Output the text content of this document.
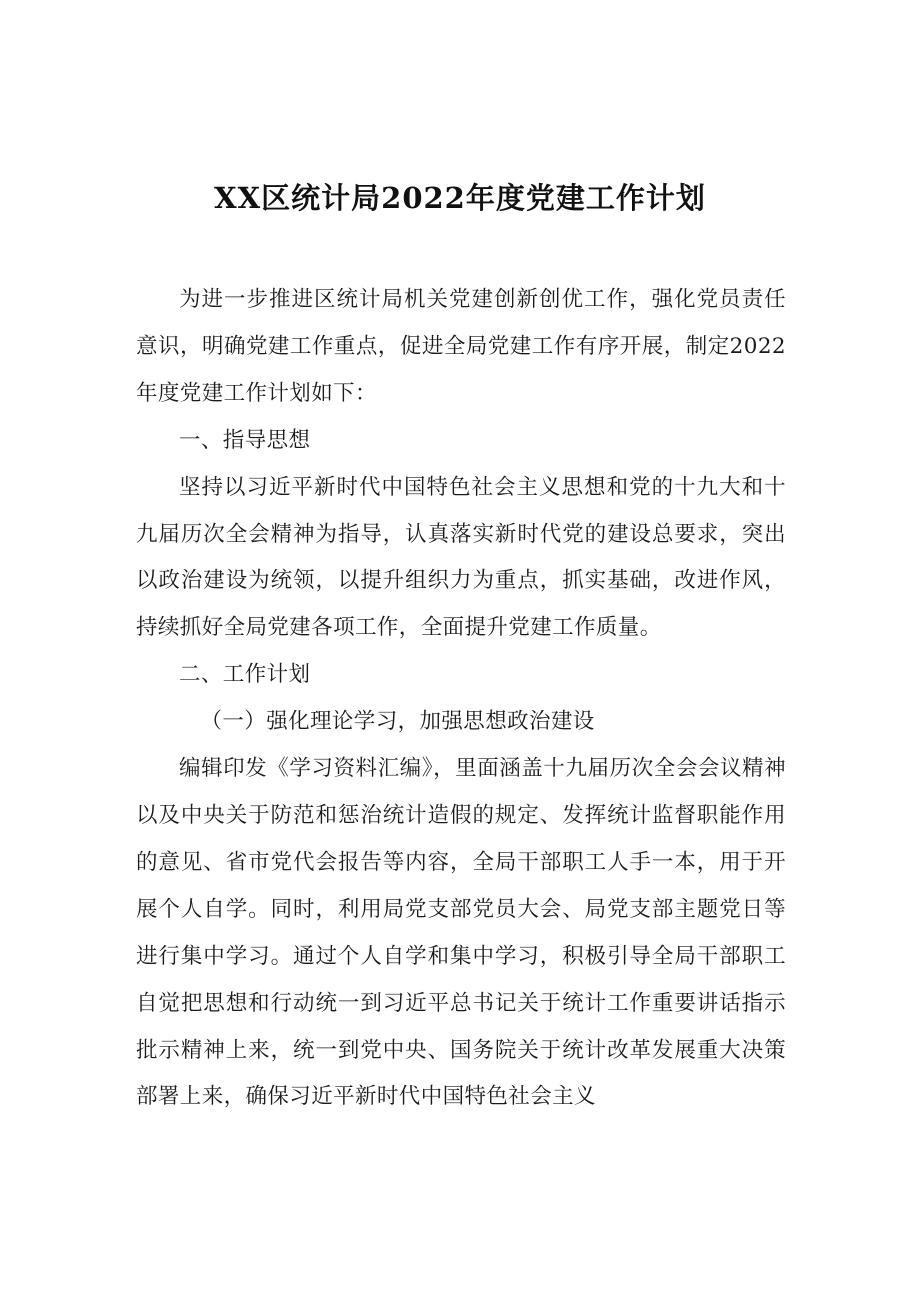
XX区统计局2022年度党建工作计划

为进一步推进区统计局机关党建创新创优工作，强化党员责任意识，明确党建工作重点，促进全局党建工作有序开展，制定2022年度党建工作计划如下：

一、指导思想

坚持以习近平新时代中国特色社会主义思想和党的十九大和十九届历次全会精神为指导，认真落实新时代党的建设总要求，突出以政治建设为统领，以提升组织力为重点，抓实基础，改进作风，持续抓好全局党建各项工作，全面提升党建工作质量。

二、工作计划

（一）强化理论学习，加强思想政治建设

编辑印发《学习资料汇编》，里面涵盖十九届历次全会会议精神以及中央关于防范和惩治统计造假的规定、发挥统计监督职能作用的意见、省市党代会报告等内容，全局干部职工人手一本，用于开展个人自学。同时，利用局党支部党员大会、局党支部主题党日等进行集中学习。通过个人自学和集中学习，积极引导全局干部职工自觉把思想和行动统一到习近平总书记关于统计工作重要讲话指示批示精神上来，统一到党中央、国务院关于统计改革发展重大决策部署上来，确保习近平新时代中国特色社会主义
